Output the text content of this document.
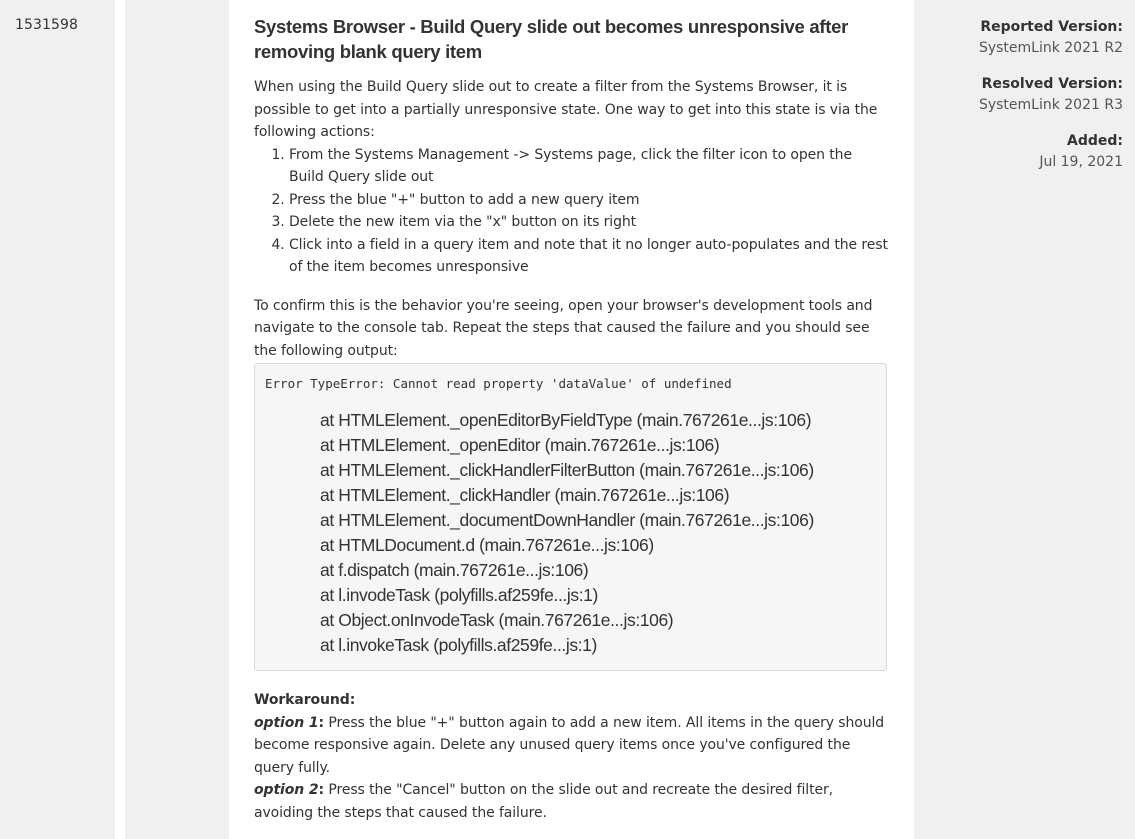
1531598	Systems Browser - Build Query slide out becomes unresponsive after removing blank query item

When using the Build Query slide out to create a filter from the Systems Browser, it is possible to get into a partially unresponsive state. One way to get into this state is via the following actions:

1. From the Systems Management -> Systems page, click the filter icon to open the Build Query slide out
2. Press the blue "+" button to add a new query item
3. Delete the new item via the "x" button on its right
4. Click into a field in a query item and note that it no longer auto-populates and the rest of the item becomes unresponsive

To confirm this is the behavior you're seeing, open your browser's development tools and navigate to the console tab. Repeat the steps that caused the failure and you should see the following output:

Error TypeError: Cannot read property 'dataValue' of undefined
at HTMLElement._openEditorByFieldType (main.767261e...js:106)
at HTMLElement._openEditor (main.767261e...js:106)
at HTMLElement._clickHandlerFilterButton (main.767261e...js:106)
at HTMLElement._clickHandler (main.767261e...js:106)
at HTMLElement._documentDownHandler (main.767261e...js:106)
at HTMLDocument.d (main.767261e...js:106)
at f.dispatch (main.767261e...js:106)
at l.invodeTask (polyfills.af259fe...js:1)
at Object.onInvodeTask (main.767261e...js:106)
at l.invokeTask (polyfills.af259fe...js:1)
Workaround:
option 1: Press the blue "+" button again to add a new item. All items in the query should become responsive again. Delete any unused query items once you've configured the query fully.
option 2: Press the "Cancel" button on the slide out and recreate the desired filter, avoiding the steps that caused the failure.
Reported Version:
SystemLink 2021 R2
Resolved Version:
SystemLink 2021 R3
Added:
Jul 19, 2021
